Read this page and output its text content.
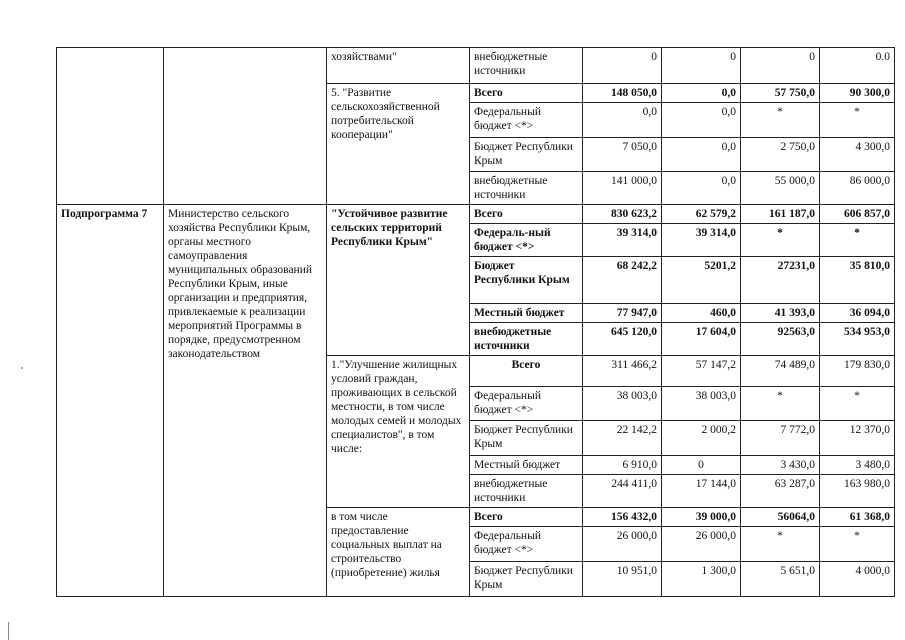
		хозяйствами"	внебюджетные источники	0	0	0	0.0
		5. "Развитие сельскохозяйственной потребительской кооперации"	Всего	148 050,0	0,0	57 750,0	90 300,0
			Федеральный бюджет <*>	0,0	0,0	*	*
			Бюджет Республики Крым	7 050,0	0,0	2 750,0	4 300,0
			внебюджетные источники	141 000,0	0,0	55 000,0	86 000,0
Подпрограмма 7	Министерство сельского хозяйства Республики Крым, органы местного самоуправления муниципальных образований Республики Крым, иные организации и предприятия, привлекаемые к реализации мероприятий Программы в порядке, предусмотренном законодательством	"Устойчивое развитие сельских территорий Республики Крым"	Всего	830 623,2	62 579,2	161 187,0	606 857,0
			Федераль-ный бюджет <*>	39 314,0	39 314,0	*	*
			Бюджет Республики Крым	68 242,2	5201,2	27231,0	35 810,0
			Местный бюджет	77 947,0	460,0	41 393,0	36 094,0
			внебюджетные источники	645 120,0	17 604,0	92563,0	534 953,0
		1."Улучшение жилищных условий граждан, проживающих в сельской местности, в том числе молодых семей и молодых специалистов", в том числе:	Всего	311 466,2	57 147,2	74 489,0	179 830,0
			Федеральный бюджет <*>	38 003,0	38 003,0	*	*
			Бюджет Республики Крым	22 142,2	2 000,2	7 772,0	12 370,0
			Местный бюджет	6 910,0	0	3 430,0	3 480,0
			внебюджетные источники	244 411,0	17 144,0	63 287,0	163 980,0
		в том числе предоставление социальных выплат на строительство (приобретение) жилья	Всего	156 432,0	39 000,0	56064,0	61 368,0
			Федеральный бюджет <*>	26 000,0	26 000,0	*	*
			Бюджет Республики Крым	10 951,0	1 300,0	5 651,0	4 000,0
